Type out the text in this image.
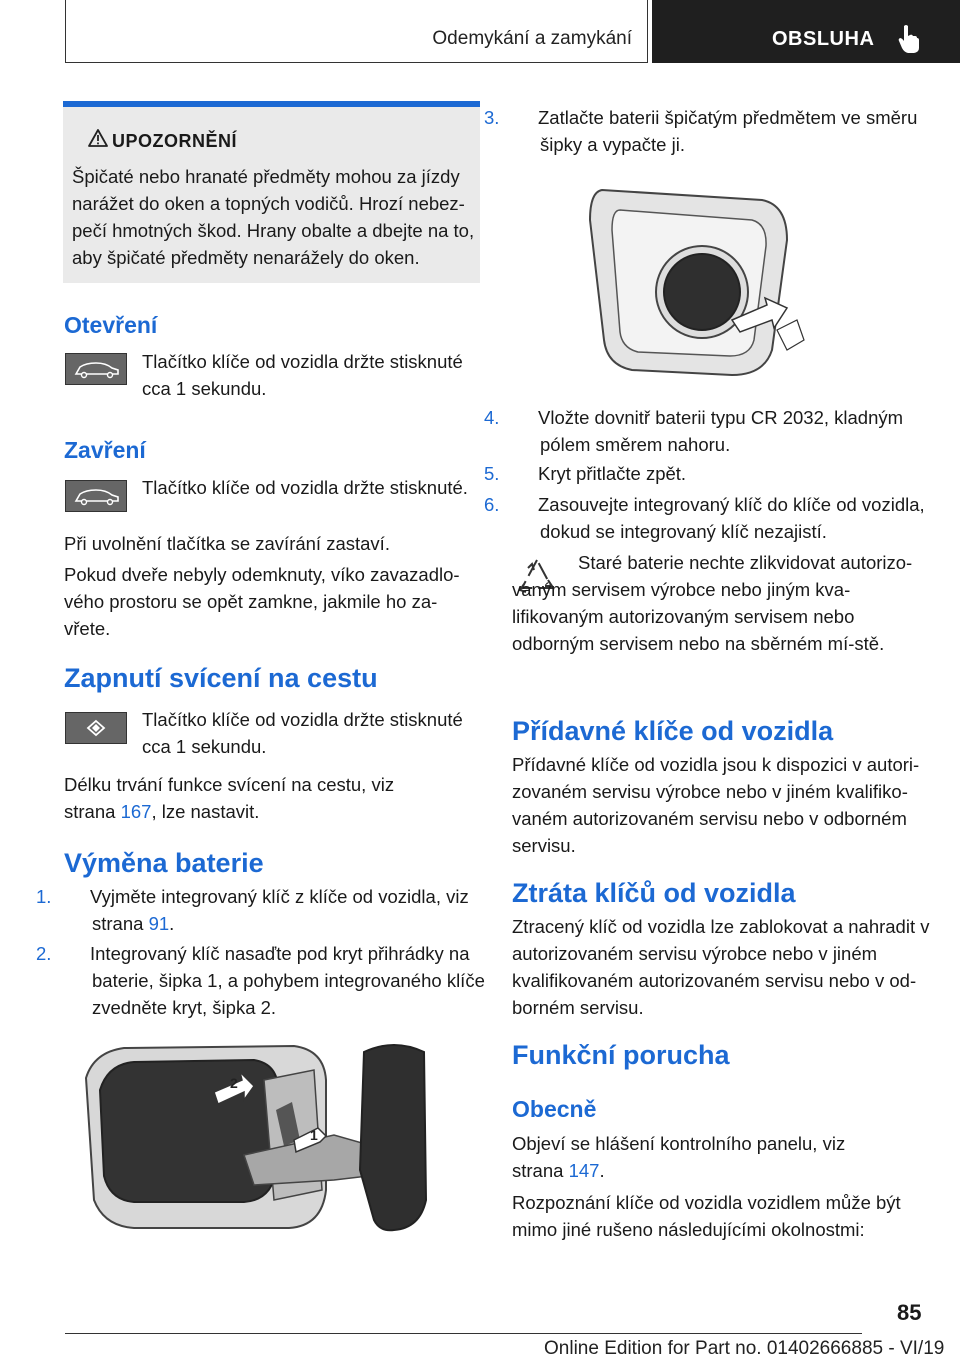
Odemykání a zamykání	OBSLUHA
UPOZORNĚNÍ
Špičaté nebo hranaté předměty mohou za jízdy narážet do oken a topných vodičů. Hrozí nebez-pečí hmotných škod. Hrany obalte a dbejte na to, aby špičaté předměty nenarážely do oken.
Otevření
Tlačítko klíče od vozidla držte stisknuté cca 1 sekundu.
Zavření
Tlačítko klíče od vozidla držte stisknuté.
Při uvolnění tlačítka se zavírání zastaví.
Pokud dveře nebyly odemknuty, víko zavazadlo-vého prostoru se opět zamkne, jakmile ho za-vřete.
Zapnutí svícení na cestu
Tlačítko klíče od vozidla držte stisknuté cca 1 sekundu.
Délku trvání funkce svícení na cestu, viz strana 167, lze nastavit.
Výměna baterie
1. Vyjměte integrovaný klíč z klíče od vozidla, viz strana 91.
2. Integrovaný klíč nasaďte pod kryt přihrádky na baterie, šipka 1, a pohybem integrovaného klíče zvedněte kryt, šipka 2.
2
1
3. Zatlačte baterii špičatým předmětem ve směru šipky a vypačte ji.
4. Vložte dovnitř baterii typu CR 2032, kladným pólem směrem nahoru.
5. Kryt přitlačte zpět.
6. Zasouvejte integrovaný klíč do klíče od vozidla, dokud se integrovaný klíč nezajistí.
Staré baterie nechte zlikvidovat autorizo-vaným servisem výrobce nebo jiným kva-lifikovaným autorizovaným servisem nebo odborným servisem nebo na sběrném mí-stě.
Přídavné klíče od vozidla
Přídavné klíče od vozidla jsou k dispozici v autori-zovaném servisu výrobce nebo v jiném kvalifiko-vaném autorizovaném servisu nebo v odborném servisu.
Ztráta klíčů od vozidla
Ztracený klíč od vozidla lze zablokovat a nahradit v autorizovaném servisu výrobce nebo v jiném kvalifikovaném autorizovaném servisu nebo v od-borném servisu.
Funkční porucha
Obecně
Objeví se hlášení kontrolního panelu, viz strana 147.
Rozpoznání klíče od vozidla vozidlem může být mimo jiné rušeno následujícími okolnostmi:
85
Online Edition for Part no. 01402666885 - VI/19
